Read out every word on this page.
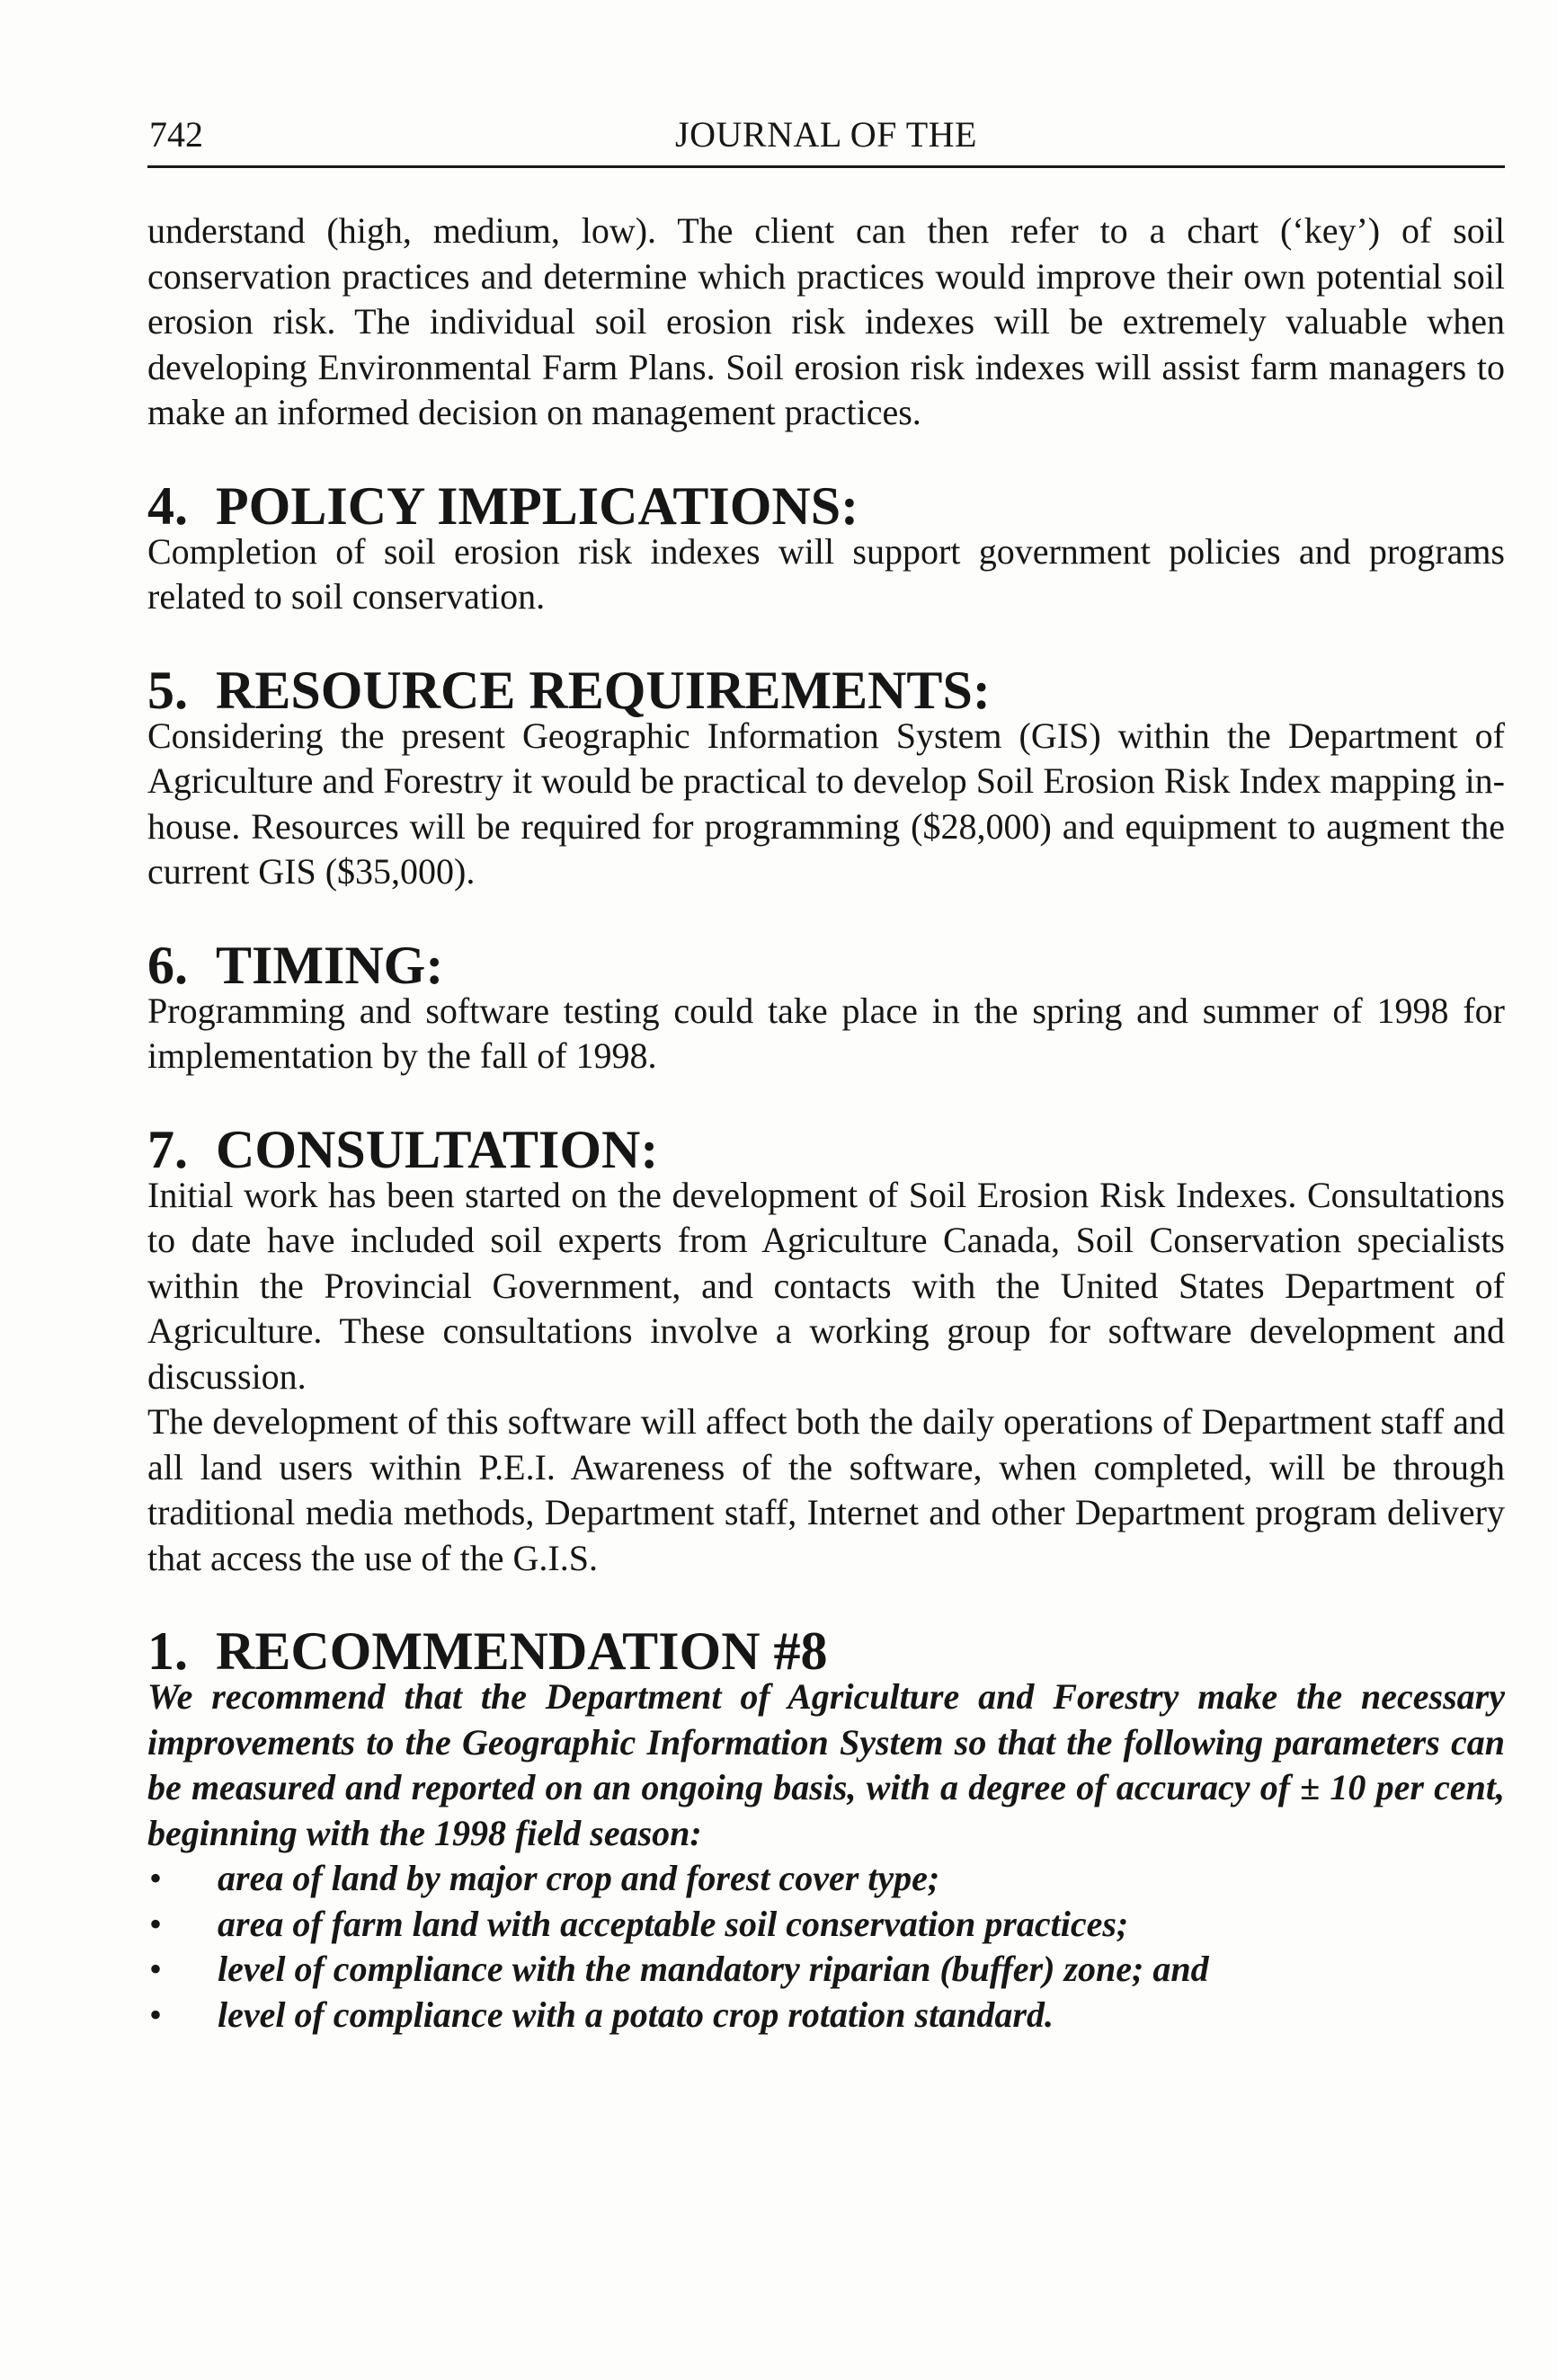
742	JOURNAL OF THE

understand (high, medium, low). The client can then refer to a chart (‘key’) of soil conservation practices and determine which practices would improve their own potential soil erosion risk. The individual soil erosion risk indexes will be extremely valuable when developing Environmental Farm Plans. Soil erosion risk indexes will assist farm managers to make an informed decision on management practices.

4. POLICY IMPLICATIONS:

Completion of soil erosion risk indexes will support government policies and programs related to soil conservation.

5. RESOURCE REQUIREMENTS:

Considering the present Geographic Information System (GIS) within the Department of Agriculture and Forestry it would be practical to develop Soil Erosion Risk Index mapping in-house. Resources will be required for programming ($28,000) and equipment to augment the current GIS ($35,000).

6. TIMING:

Programming and software testing could take place in the spring and summer of 1998 for implementation by the fall of 1998.

7. CONSULTATION:

Initial work has been started on the development of Soil Erosion Risk Indexes. Consultations to date have included soil experts from Agriculture Canada, Soil Conservation specialists within the Provincial Government, and contacts with the United States Department of Agriculture. These consultations involve a working group for software development and discussion.

The development of this software will affect both the daily operations of Department staff and all land users within P.E.I. Awareness of the software, when completed, will be through traditional media methods, Department staff, Internet and other Department program delivery that access the use of the G.I.S.

1. RECOMMENDATION #8

We recommend that the Department of Agriculture and Forestry make the necessary improvements to the Geographic Information System so that the following parameters can be measured and reported on an ongoing basis, with a degree of accuracy of ± 10 per cent, beginning with the 1998 field season:

• area of land by major crop and forest cover type;
• area of farm land with acceptable soil conservation practices;
• level of compliance with the mandatory riparian (buffer) zone; and
• level of compliance with a potato crop rotation standard.
